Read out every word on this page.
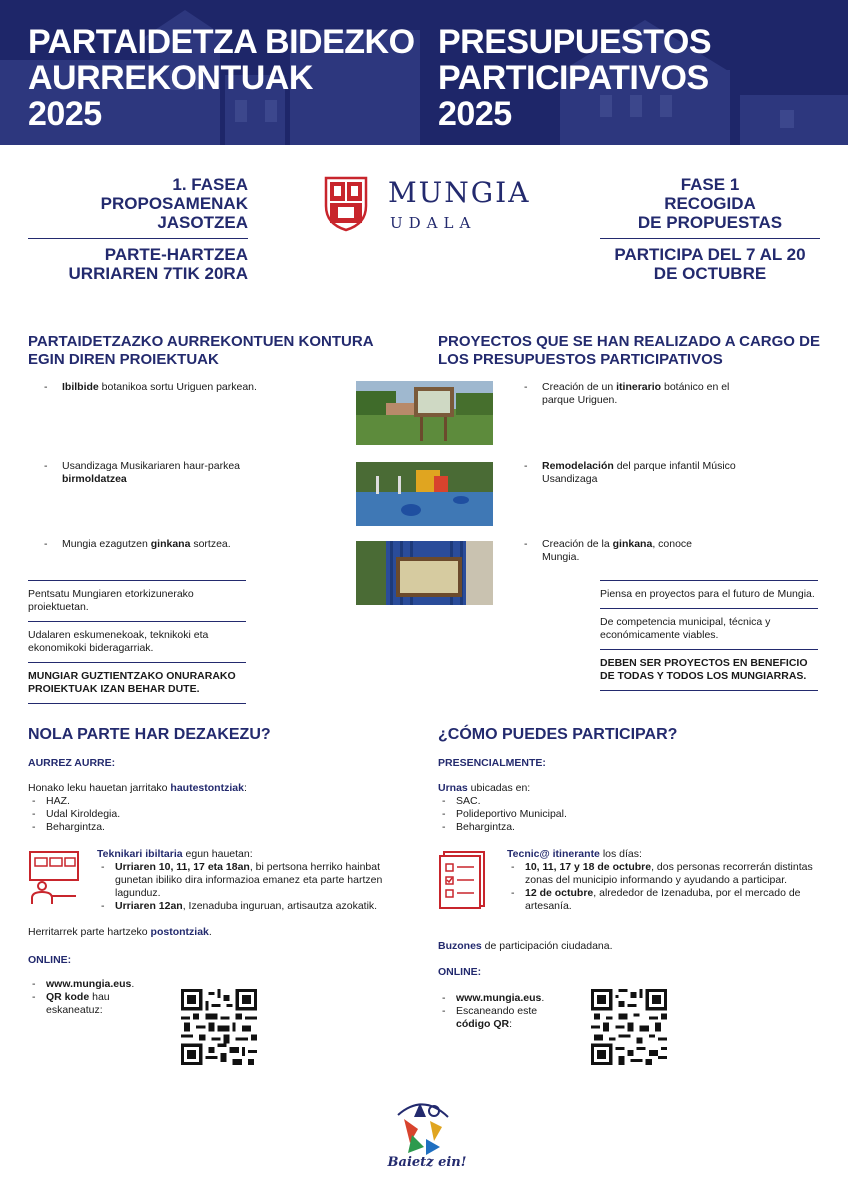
PARTAIDETZA BIDEZKO
AURREKONTUAK
2025
PRESUPUESTOS
PARTICIPATIVOS
2025
1. FASEA
PROPOSAMENAK
JASOTZEA
PARTE-HARTZEA
URRIAREN 7TIK 20RA
MUNGIA
UDALA
FASE 1
RECOGIDA
DE PROPUESTAS
PARTICIPA DEL 7 AL 20
DE OCTUBRE
PARTAIDETZAZKO AURREKONTUEN KONTURA EGIN DIREN PROIEKTUAK
PROYECTOS QUE SE HAN REALIZADO A CARGO DE LOS PRESUPUESTOS PARTICIPATIVOS
- Ibilbide botanikoa sortu Uriguen parkean.
- Usandizaga Musikariaren haur-parkea birmoldatzea
- Mungia ezagutzen ginkana sortzea.
- Creación de un itinerario botánico en el parque Uriguen.
- Remodelación del parque infantil Músico Usandizaga
- Creación de la ginkana, conoce Mungia.
Pentsatu Mungiaren etorkizunerako proiektuetan.
Udalaren eskumenekoak, teknikoki eta ekonomikoki bideragarriak.
MUNGIAR GUZTIENTZAKO ONURARAKO PROIEKTUAK IZAN BEHAR DUTE.
Piensa en proyectos para el futuro de Mungia.
De competencia municipal, técnica y económicamente viables.
DEBEN SER PROYECTOS EN BENEFICIO DE TODAS Y TODOS LOS MUNGIARRAS.
NOLA PARTE HAR DEZAKEZU?
AURREZ AURRE:
Honako leku hauetan jarritako hautestontziak:
- HAZ.
- Udal Kiroldegia.
- Behargintza.
Teknikari ibiltaria egun hauetan:
- Urriaren 10, 11, 17 eta 18an, bi pertsona herriko hainbat gunetan ibiliko dira informazioa emanez eta parte hartzen lagunduz.
- Urriaren 12an, Izenaduba inguruan, artisautza azokatik.
Herritarrek parte hartzeko postontziak.
ONLINE:
- www.mungia.eus.
- QR kode hau eskaneatuz:
¿CÓMO PUEDES PARTICIPAR?
PRESENCIALMENTE:
Urnas ubicadas en:
- SAC.
- Polideportivo Municipal.
- Behargintza.
Tecnic@ itinerante los días:
- 10, 11, 17 y 18 de octubre, dos personas recorrerán distintas zonas del municipio informando y ayudando a participar.
- 12 de octubre, alrededor de Izenaduba, por el mercado de artesanía.
Buzones de participación ciudadana.
ONLINE:
- www.mungia.eus.
- Escaneando este código QR:
Baietz ein!
